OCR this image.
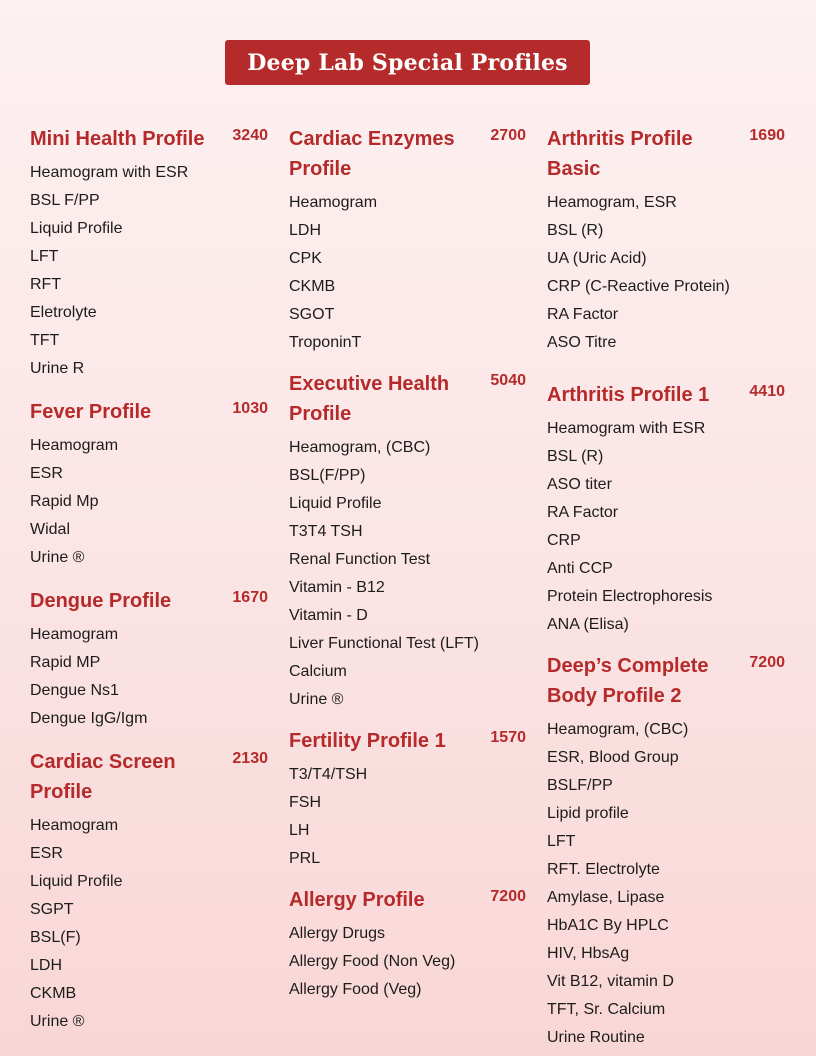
Deep Lab Special Profiles
Mini Health Profile 3240
Heamogram with ESR
BSL F/PP
Liquid Profile
LFT
RFT
Eletrolyte
TFT
Urine R
Fever Profile	1030
Heamogram
ESR
Rapid Mp
Widal
Urine ®
Dengue Profile	1670
Heamogram
Rapid MP
Dengue Ns1
Dengue IgG/Igm
Cardiac Screen Profile
2130
Heamogram
ESR
Liquid Profile
SGPT
BSL(F)
LDH
CKMB
Urine ®
Cardiac Enzymes Profile
2700
Heamogram
LDH
CPK
CKMB
SGOT
TroponinT
Executive Health Profile
5040
Heamogram, (CBC)
BSL(F/PP)
Liquid Profile
T3T4 TSH
Renal Function Test
Vitamin - B12
Vitamin - D
Liver Functional Test (LFT)
Calcium
Urine ®
Fertility Profile 1	1570
T3/T4/TSH
FSH
LH
PRL
Allergy Profile	7200
Allergy Drugs
Allergy Food (Non Veg)
Allergy Food (Veg)
Arthritis Profile Basic
1690
Heamogram, ESR
BSL (R)
UA (Uric Acid)
CRP (C-Reactive Protein)
RA Factor
ASO Titre
Arthritis Profile 1	4410
Heamogram with ESR
BSL (R)
ASO titer
RA Factor
CRP
Anti CCP
Protein Electrophoresis
ANA (Elisa)
Deep’s Complete Body Profile 2
7200
Heamogram, (CBC)
ESR, Blood Group
BSLF/PP
Lipid profile
LFT
RFT. Electrolyte
Amylase, Lipase
HbA1C By HPLC
HIV, HbsAg
Vit B12, vitamin D
TFT, Sr. Calcium
Urine Routine
